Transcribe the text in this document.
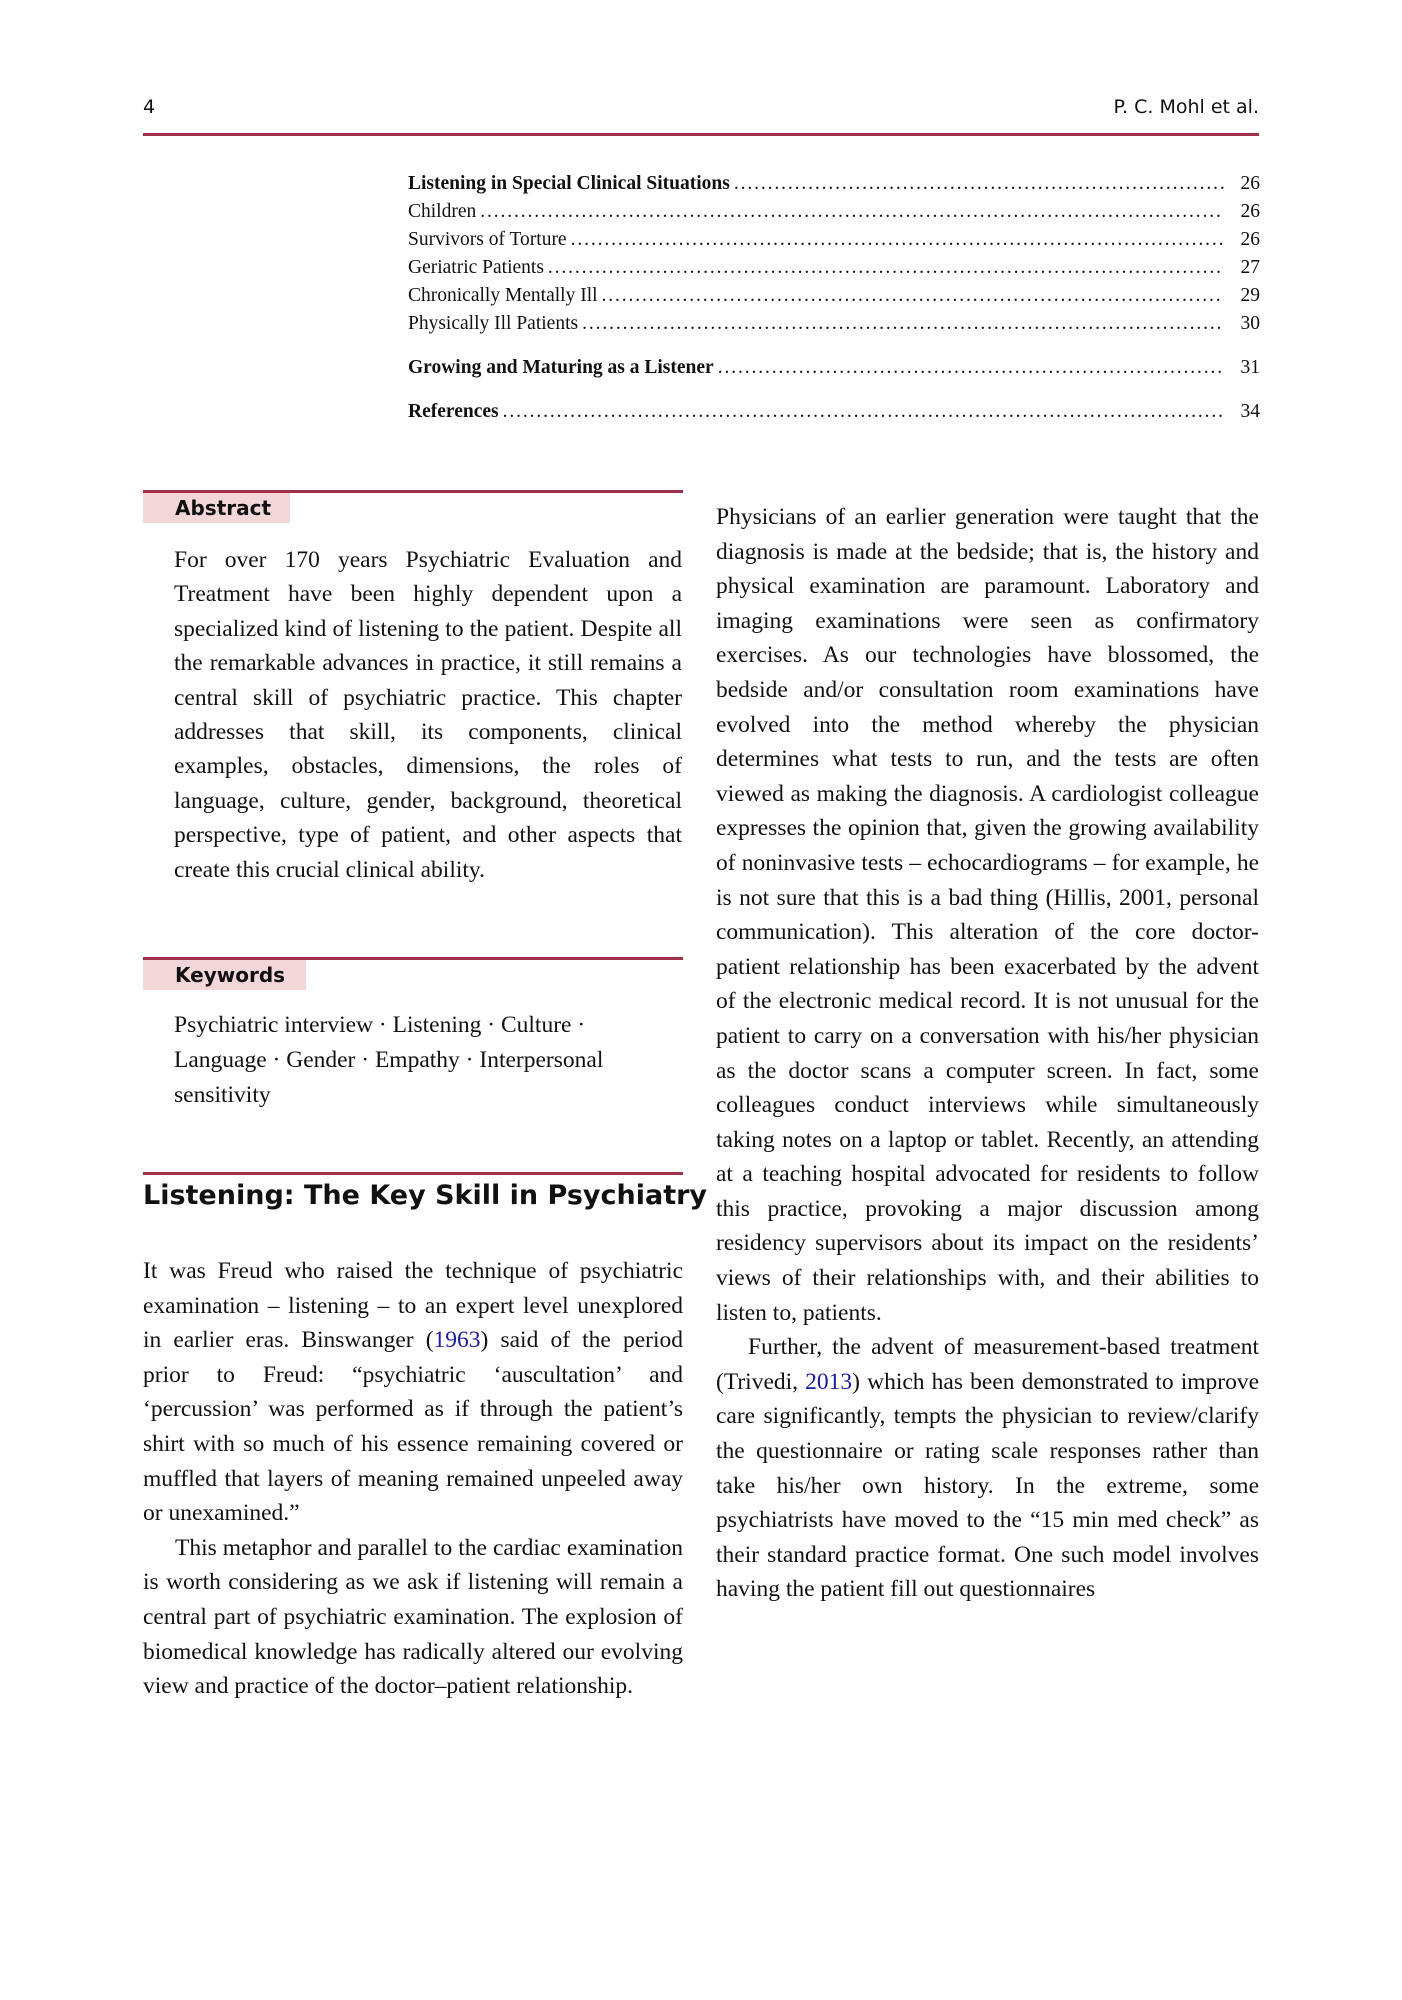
4	P. C. Mohl et al.
Listening in Special Clinical Situations . . .	26
Children . . .	26
Survivors of Torture . . .	26
Geriatric Patients . . .	27
Chronically Mentally Ill . . .	29
Physically Ill Patients . . .	30
Growing and Maturing as a Listener . . .	31
References . . .	34
Abstract
For over 170 years Psychiatric Evaluation and Treatment have been highly dependent upon a specialized kind of listening to the patient. Despite all the remarkable advances in practice, it still remains a central skill of psychiatric practice. This chapter addresses that skill, its components, clinical examples, obstacles, dimensions, the roles of language, culture, gender, background, theoretical perspective, type of patient, and other aspects that create this crucial clinical ability.
Keywords
Psychiatric interview · Listening · Culture · Language · Gender · Empathy · Interpersonal sensitivity
Listening: The Key Skill in Psychiatry

It was Freud who raised the technique of psychiatric examination – listening – to an expert level unexplored in earlier eras. Binswanger (1963) said of the period prior to Freud: “psychiatric ‘auscultation’ and ‘percussion’ was performed as if through the patient’s shirt with so much of his essence remaining covered or muffled that layers of meaning remained unpeeled away or unexamined.”

This metaphor and parallel to the cardiac examination is worth considering as we ask if listening will remain a central part of psychiatric examination. The explosion of biomedical knowledge has radically altered our evolving view and practice of the doctor–patient relationship.

Physicians of an earlier generation were taught that the diagnosis is made at the bedside; that is, the history and physical examination are paramount. Laboratory and imaging examinations were seen as confirmatory exercises. As our technologies have blossomed, the bedside and/or consultation room examinations have evolved into the method whereby the physician determines what tests to run, and the tests are often viewed as making the diagnosis. A cardiologist colleague expresses the opinion that, given the growing availability of noninvasive tests – echocardiograms – for example, he is not sure that this is a bad thing (Hillis, 2001, personal communication). This alteration of the core doctor-patient relationship has been exacerbated by the advent of the electronic medical record. It is not unusual for the patient to carry on a conversation with his/her physician as the doctor scans a computer screen. In fact, some colleagues conduct interviews while simultaneously taking notes on a laptop or tablet. Recently, an attending at a teaching hospital advocated for residents to follow this practice, provoking a major discussion among residency supervisors about its impact on the residents’ views of their relationships with, and their abilities to listen to, patients.

Further, the advent of measurement-based treatment (Trivedi, 2013) which has been demonstrated to improve care significantly, tempts the physician to review/clarify the questionnaire or rating scale responses rather than take his/her own history. In the extreme, some psychiatrists have moved to the “15 min med check” as their standard practice format. One such model involves having the patient fill out questionnaires
